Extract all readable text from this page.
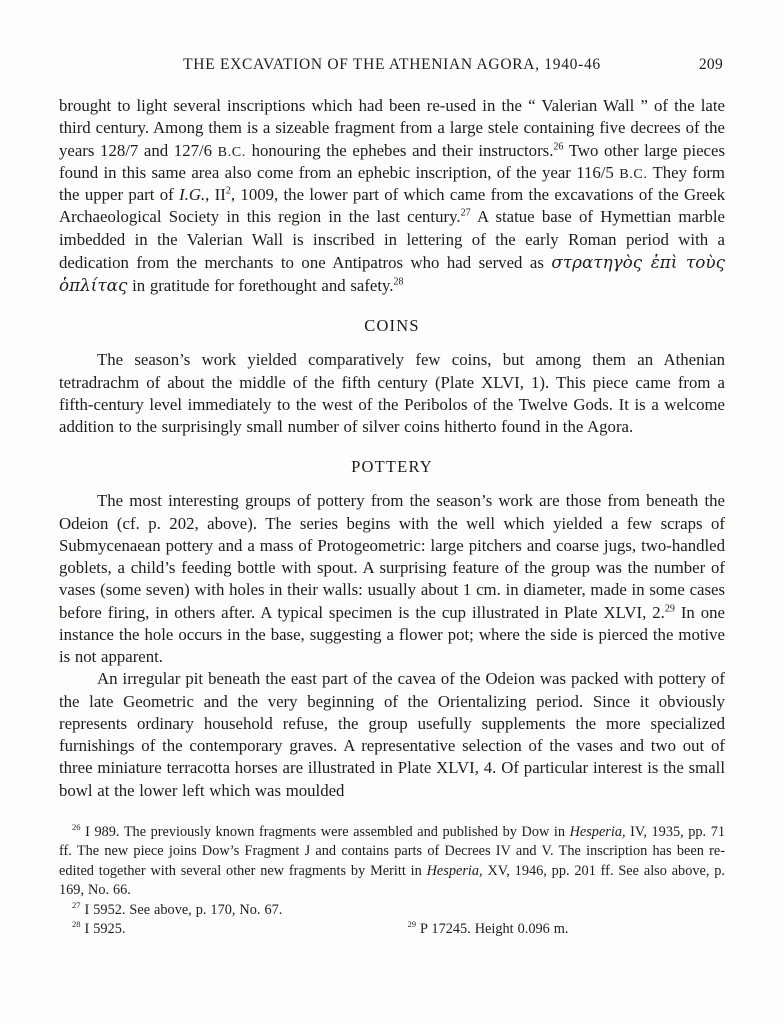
THE EXCAVATION OF THE ATHENIAN AGORA, 1940-46	209

brought to light several inscriptions which had been re-used in the “ Valerian Wall ” of the late third century. Among them is a sizeable fragment from a large stele containing five decrees of the years 128/7 and 127/6 B.C. honouring the ephebes and their instructors.$^{26}$ Two other large pieces found in this same area also come from an ephebic inscription, of the year 116/5 B.C. They form the upper part of I.G., $II^2$, 1009, the lower part of which came from the excavations of the Greek Archaeological Society in this region in the last century.$^{27}$ A statue base of Hymettian marble imbedded in the Valerian Wall is inscribed in lettering of the early Roman period with a dedication from the merchants to one Antipatros who had served as στρατηγὸς ἐπὶ τοὺς ὁπλίτας in gratitude for forethought and safety.$^{28}$

COINS

The season’s work yielded comparatively few coins, but among them an Athenian tetradrachm of about the middle of the fifth century (Plate XLVI, 1). This piece came from a fifth-century level immediately to the west of the Peribolos of the Twelve Gods. It is a welcome addition to the surprisingly small number of silver coins hitherto found in the Agora.

POTTERY

The most interesting groups of pottery from the season’s work are those from beneath the Odeion (cf. p. 202, above). The series begins with the well which yielded a few scraps of Submycenaean pottery and a mass of Protogeometric: large pitchers and coarse jugs, two-handled goblets, a child’s feeding bottle with spout. A surprising feature of the group was the number of vases (some seven) with holes in their walls: usually about 1 cm. in diameter, made in some cases before firing, in others after. A typical specimen is the cup illustrated in Plate XLVI, 2.29 In one instance the hole occurs in the base, suggesting a flower pot; where the side is pierced the motive is not apparent.

An irregular pit beneath the east part of the cavea of the Odeion was packed with pottery of the late Geometric and the very beginning of the Orientalizing period. Since it obviously represents ordinary household refuse, the group usefully supplements the more specialized furnishings of the contemporary graves. A representative selection of the vases and two out of three miniature terracotta horses are illustrated in Plate XLVI, 4. Of particular interest is the small bowl at the lower left which was moulded

$^{26}$ I 989. The previously known fragments were assembled and published by Dow in Hesperia, IV, 1935, pp. 71 ff. The new piece joins Dow’s Fragment J and contains parts of Decrees IV and V. The inscription has been re-edited together with several other new fragments by Meritt in Hesperia, XV, 1946, pp. 201 ff. See also above, p. 169, No. 66.

$^{27}$ I 5952. See above, p. 170, No. 67.

$^{28}$ I 5925.	$^{29}$ P 17245. Height 0.096 m.
